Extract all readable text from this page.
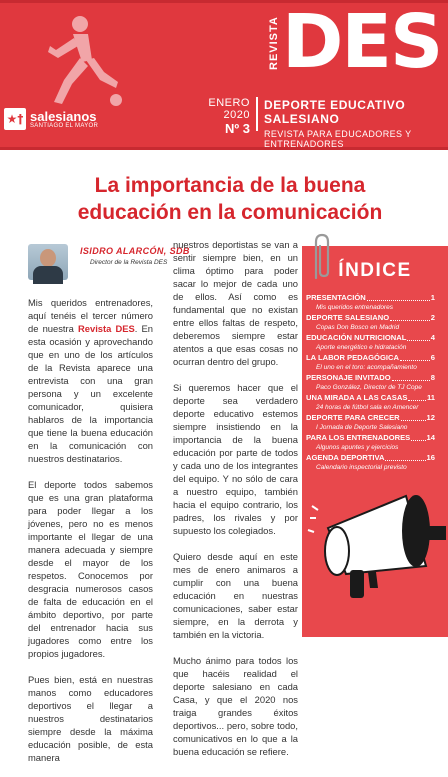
★† salesianos
SANTIAGO EL MAYOR
REVISTA DES
ENERO 2020
Nº 3
DEPORTE EDUCATIVO SALESIANO
REVISTA PARA EDUCADORES Y ENTRENADORES
La importancia de la buena
educación en la comunicación
ISIDRO ALARCÓN, SDB
Director de la Revista DES

Mis queridos entrenadores, aquí tenéis el tercer número de nuestra Revista DES. En esta ocasión y aprovechando que en uno de los artículos de la Revista aparece una entrevista con una gran persona y un excelente comunicador, quisiera hablaros de la importancia que tiene la buena educación en la comunicación con nuestros destinatarios.

El deporte todos sabemos que es una gran plataforma para poder llegar a los jóvenes, pero no es menos importante el llegar de una manera adecuada y siempre desde el mayor de los respetos. Conocemos por desgracia numerosos casos de falta de educación en el ámbito deportivo, por parte del entrenador hacia sus jugadores como entre los propios jugadores.

Pues bien, está en nuestras manos como educadores deportivos el llegar a nuestros destinatarios siempre desde la máxima educación posible, de esta manera

nuestros deportistas se van a sentir siempre bien, en un clima óptimo para poder sacar lo mejor de cada uno de ellos. Así como es fundamental que no existan entre ellos faltas de respeto, deberemos siempre estar atentos a que esas cosas no ocurran dentro del grupo.

Si queremos hacer que el deporte sea verdadero deporte educativo estemos siempre insistiendo en la importancia de la buena educación por parte de todos y cada uno de los integrantes del equipo. Y no sólo de cara a nuestro equipo, también hacia el equipo contrario, los padres, los rivales y por supuesto los colegiados.

Quiero desde aquí en este mes de enero animaros a cumplir con una buena educación en nuestras comunicaciones, saber estar siempre, en la derrota y también en la victoria.

Mucho ánimo para todos los que hacéis realidad el deporte salesiano en cada Casa, y que el 2020 nos traiga grandes éxitos deportivos... pero, sobre todo, comunicativos en lo que a la buena educación se refiere.

ÍNDICE
PRESENTACIÓN	1
Mis queridos entrenadores
DEPORTE SALESIANO	2
Copas Don Bosco en Madrid
EDUCACIÓN NUTRICIONAL	4
Aporte energético e hidratación
LA LABOR PEDAGÓGICA	6
El uno en el toro: acompañamiento
PERSONAJE INVITADO	8
Paco González, Director de TJ Cope
UNA MIRADA A LAS CASAS	11
24 horas de fútbol sala en Amencer
DEPORTE PARA CRECER	12
I Jornada de Deporte Salesiano
PARA LOS ENTRENADORES 14
Algunos apuntes y ejercicios
AGENDA DEPORTIVA	16
Calendario inspectorial previsto
